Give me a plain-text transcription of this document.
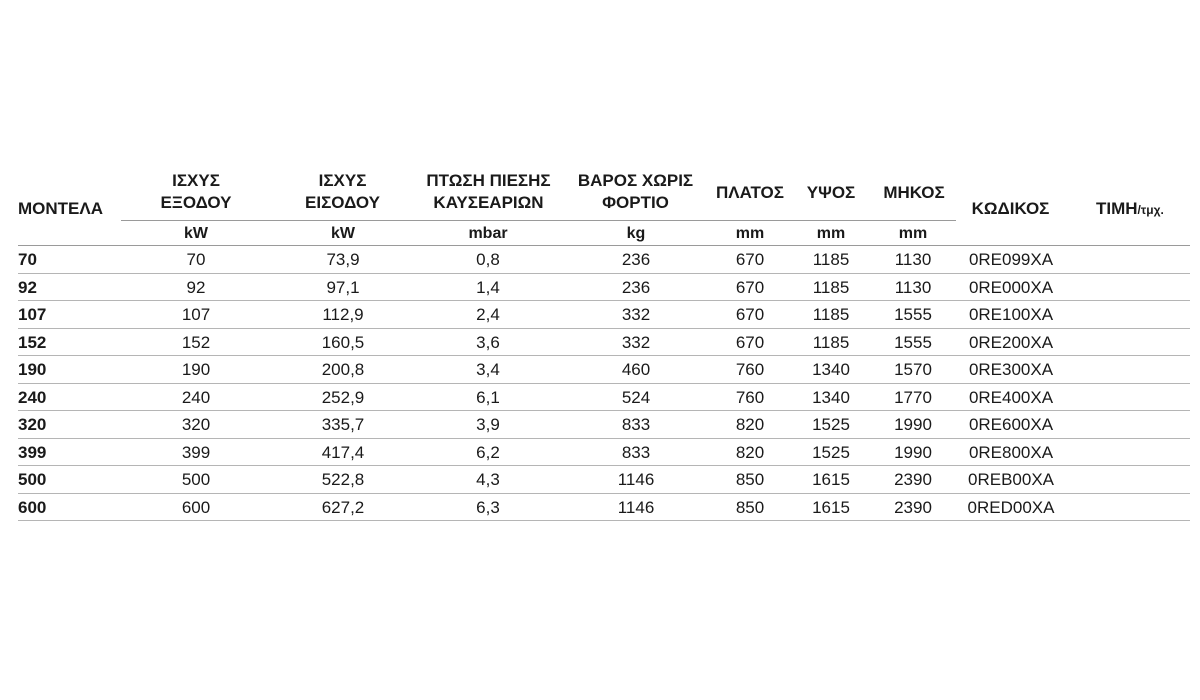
ΜΟΝΤΕΛΑ
ΙΣΧΥΣ
ΕΞΟΔΟΥ
ΙΣΧΥΣ
ΕΙΣΟΔΟΥ
ΠΤΩΣΗ ΠΙΕΣΗΣ
ΚΑΥΣΕΑΡΙΩΝ
ΒΑΡΟΣ ΧΩΡΙΣ
ΦΟΡΤΙΟ
ΠΛΑΤΟΣ	ΥΨΟΣ	ΜΗΚΟΣ
ΚΩΔΙΚΟΣ	ΤΙΜΗ/τμχ.
kW	kW	mbar	kg	mm	mm	mm
70	70	73,9	0,8	236	670	1185	1130	0RE099XA
92	92	97,1	1,4	236	670	1185	1130	0RE000XA
107	107	112,9	2,4	332	670	1185	1555	0RE100XA
152	152	160,5	3,6	332	670	1185	1555	0RE200XA
190	190	200,8	3,4	460	760	1340	1570	0RE300XA
240	240	252,9	6,1	524	760	1340	1770	0RE400XA
320	320	335,7	3,9	833	820	1525	1990	0RE600XA
399	399	417,4	6,2	833	820	1525	1990	0RE800XA
500	500	522,8	4,3	1146	850	1615	2390	0REB00XA
600	600	627,2	6,3	1146	850	1615	2390	0RED00XA
